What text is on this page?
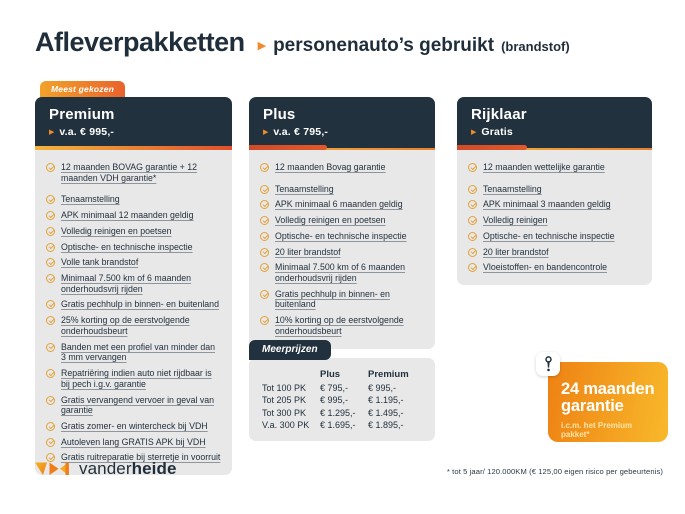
Afleverpakketten ▶ personenauto’s gebruikt (brandstof)
Meest gekozen
Premium
▶ v.a. € 995,-
12 maanden BOVAG garantie + 12 maanden VDH garantie*
Tenaamstelling
APK minimaal 12 maanden geldig
Volledig reinigen en poetsen
Optische- en technische inspectie
Volle tank brandstof
Minimaal 7.500 km of 6 maanden onderhoudsvrij rijden
Gratis pechhulp in binnen- en buitenland
25% korting op de eerstvolgende onderhoudsbeurt
Banden met een profiel van minder dan 3 mm vervangen
Repatriëring indien auto niet rijdbaar is bij pech i.g.v. garantie
Gratis vervangend vervoer in geval van garantie
Gratis zomer- en wintercheck bij VDH
Autoleven lang GRATIS APK bij VDH
Gratis ruitreparatie bij sterretje in voorruit
Plus
▶ v.a. € 795,-
12 maanden Bovag garantie
Tenaamstelling
APK minimaal 6 maanden geldig
Volledig reinigen en poetsen
Optische- en technische inspectie
20 liter brandstof
Minimaal 7.500 km of 6 maanden onderhoudsvrij rijden
Gratis pechhulp in binnen- en buitenland
10% korting op de eerstvolgende onderhoudsbeurt
Rijklaar
▶ Gratis
12 maanden wettelijke garantie
Tenaamstelling
APK minimaal 3 maanden geldig
Volledig reinigen
Optische- en technische inspectie
20 liter brandstof
Vloeistoffen- en bandencontrole
Meerprijzen
Plus	Premium
Tot 100 PK	€ 795,-	€ 995,-
Tot 205 PK	€ 995,-	€ 1.195,-
Tot 300 PK	€ 1.295,-	€ 1.495,-
V.a. 300 PK	€ 1.695,-	€ 1.895,-
24 maanden
garantie
i.c.m. het Premium pakket*
vanderheide	* tot 5 jaar/ 120.000KM (€ 125,00 eigen risico per gebeurtenis)
